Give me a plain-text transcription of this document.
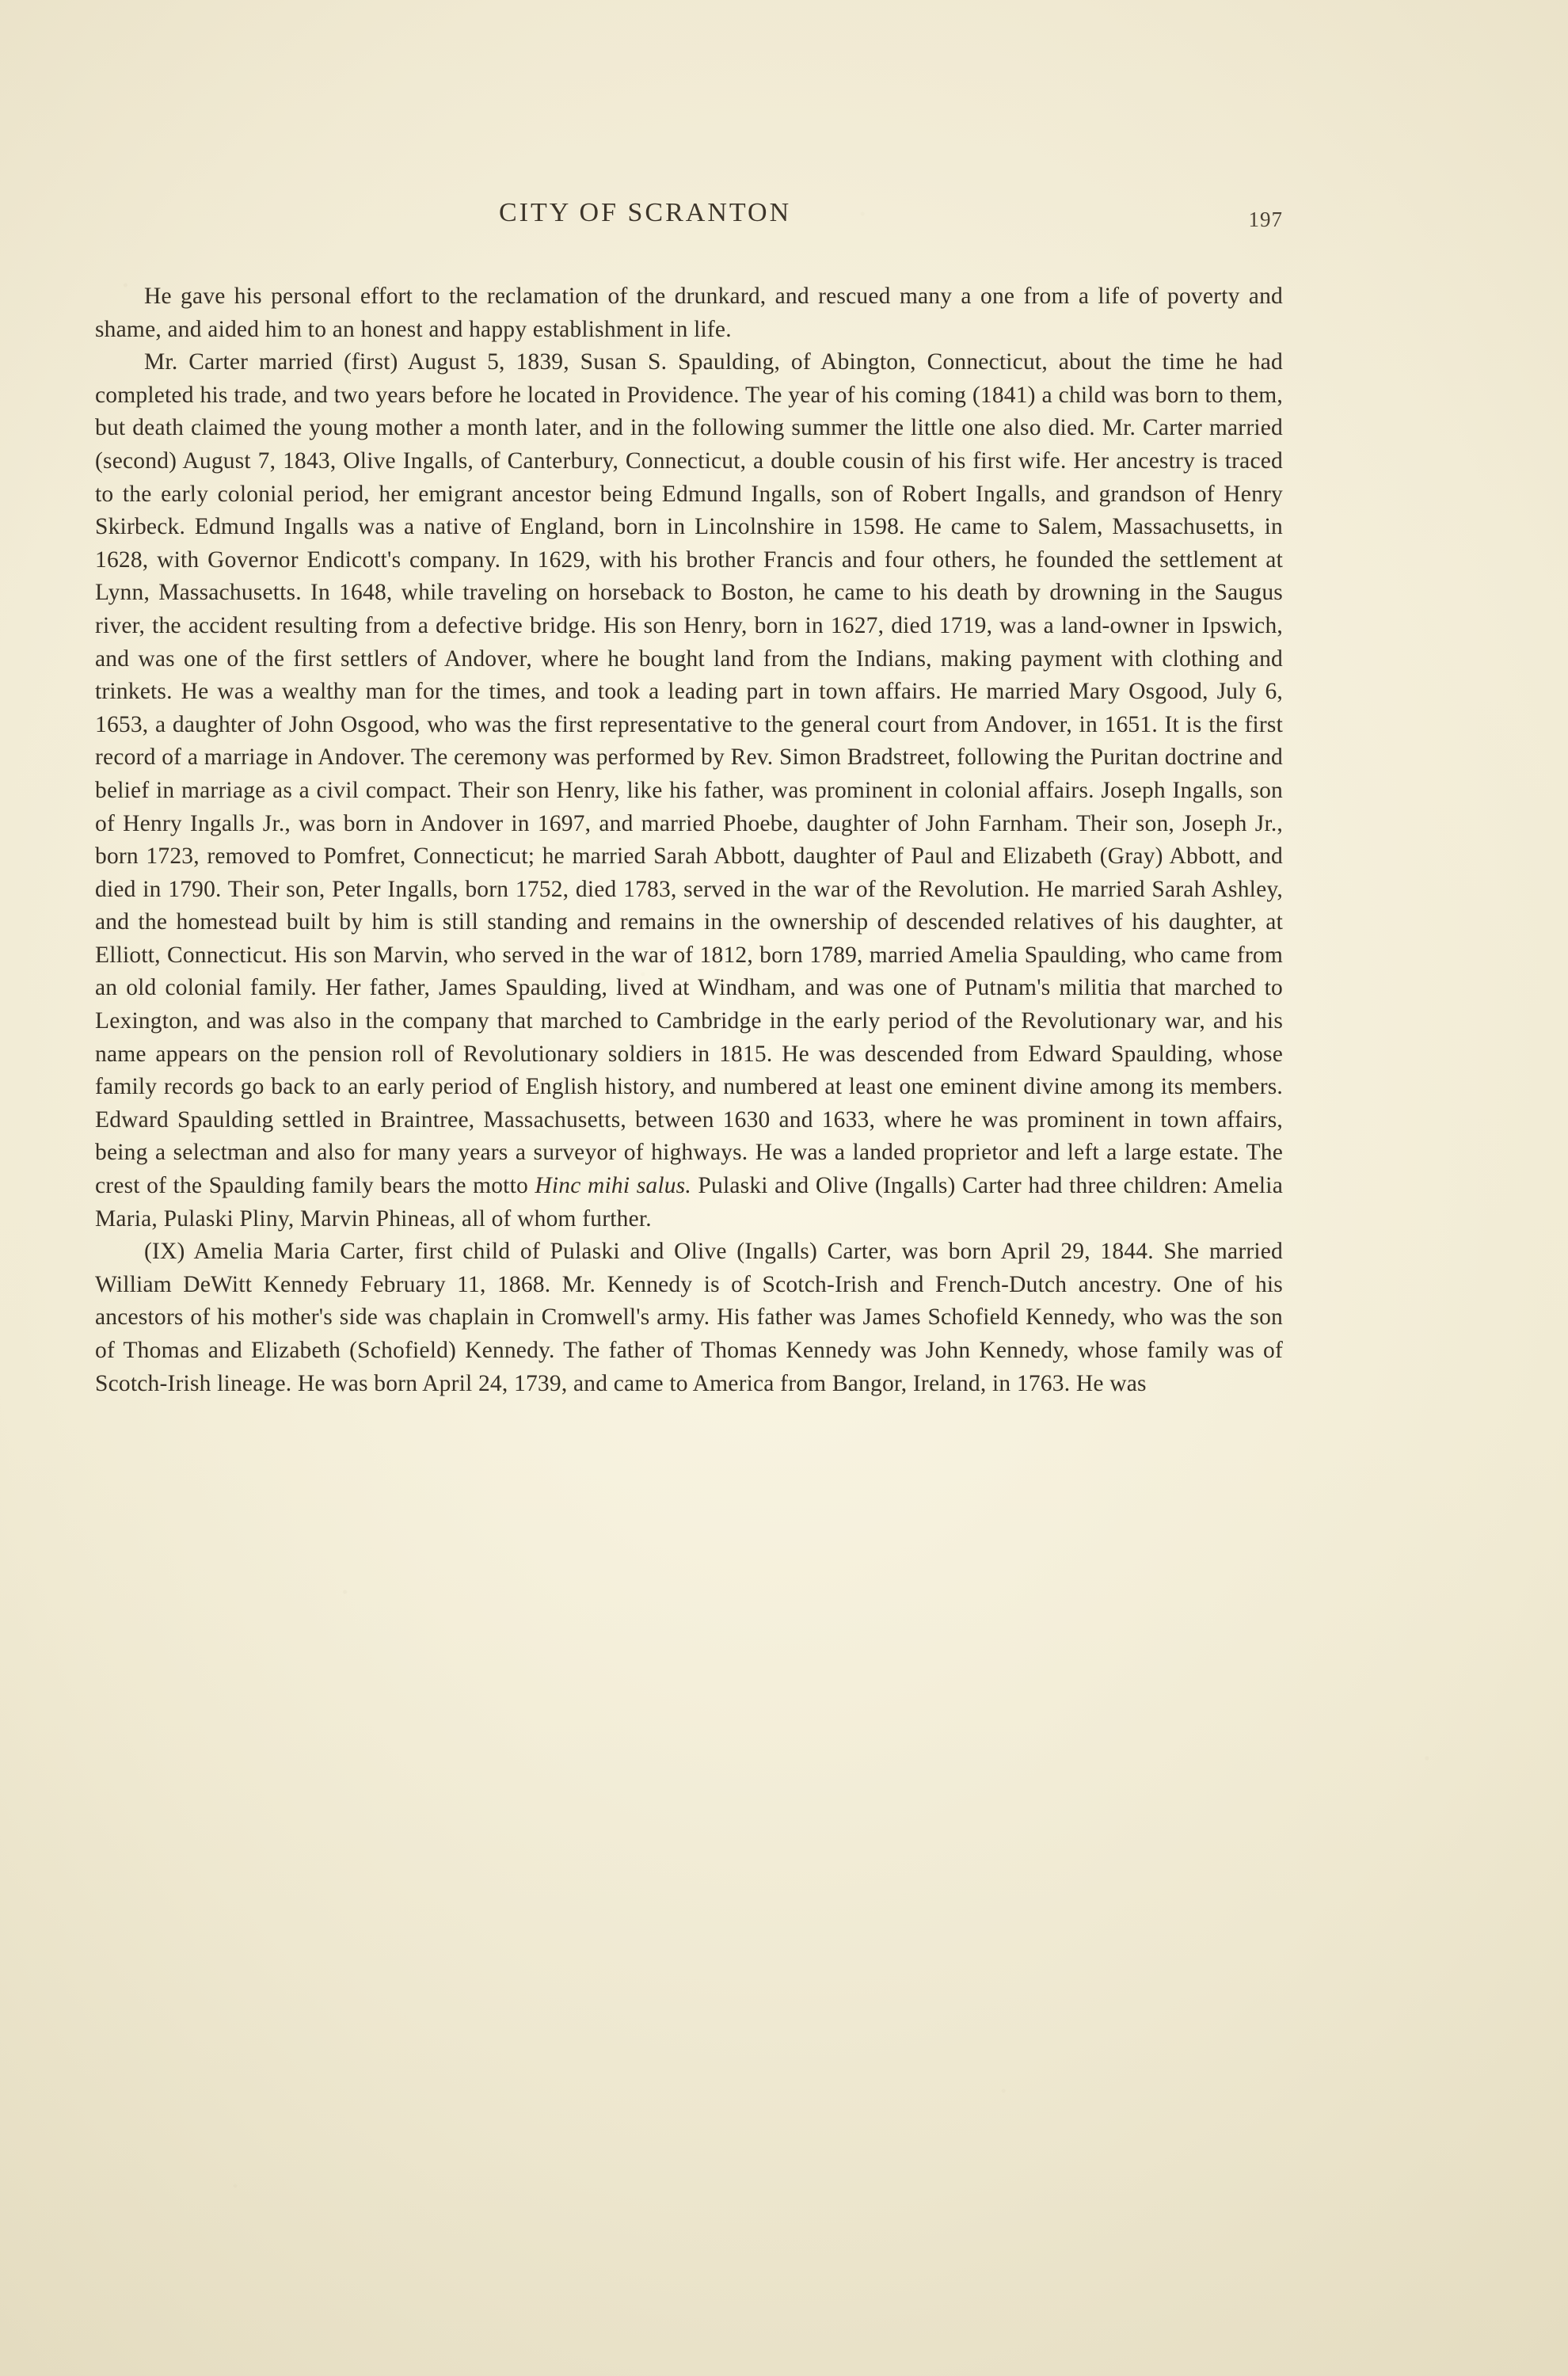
CITY OF SCRANTON	197

He gave his personal effort to the reclamation of the drunkard, and rescued many a one from a life of poverty and shame, and aided him to an honest and happy establishment in life.

Mr. Carter married (first) August 5, 1839, Susan S. Spaulding, of Abington, Connecticut, about the time he had completed his trade, and two years before he located in Providence. The year of his coming (1841) a child was born to them, but death claimed the young mother a month later, and in the following summer the little one also died. Mr. Carter married (second) August 7, 1843, Olive Ingalls, of Canterbury, Connecticut, a double cousin of his first wife. Her ancestry is traced to the early colonial period, her emigrant ancestor being Edmund Ingalls, son of Robert Ingalls, and grandson of Henry Skirbeck. Edmund Ingalls was a native of England, born in Lincolnshire in 1598. He came to Salem, Massachusetts, in 1628, with Governor Endicott's company. In 1629, with his brother Francis and four others, he founded the settlement at Lynn, Massachusetts. In 1648, while traveling on horseback to Boston, he came to his death by drowning in the Saugus river, the accident resulting from a defective bridge. His son Henry, born in 1627, died 1719, was a land-owner in Ipswich, and was one of the first settlers of Andover, where he bought land from the Indians, making payment with clothing and trinkets. He was a wealthy man for the times, and took a leading part in town affairs. He married Mary Osgood, July 6, 1653, a daughter of John Osgood, who was the first representative to the general court from Andover, in 1651. It is the first record of a marriage in Andover. The ceremony was performed by Rev. Simon Bradstreet, following the Puritan doctrine and belief in marriage as a civil compact. Their son Henry, like his father, was prominent in colonial affairs. Joseph Ingalls, son of Henry Ingalls Jr., was born in Andover in 1697, and married Phoebe, daughter of John Farnham. Their son, Joseph Jr., born 1723, removed to Pomfret, Connecticut; he married Sarah Abbott, daughter of Paul and Elizabeth (Gray) Abbott, and died in 1790. Their son, Peter Ingalls, born 1752, died 1783, served in the war of the Revolution. He married Sarah Ashley, and the homestead built by him is still standing and remains in the ownership of descended relatives of his daughter, at Elliott, Connecticut. His son Marvin, who served in the war of 1812, born 1789, married Amelia Spaulding, who came from an old colonial family. Her father, James Spaulding, lived at Windham, and was one of Putnam's militia that marched to Lexington, and was also in the company that marched to Cambridge in the early period of the Revolutionary war, and his name appears on the pension roll of Revolutionary soldiers in 1815. He was descended from Edward Spaulding, whose family records go back to an early period of English history, and numbered at least one eminent divine among its members. Edward Spaulding settled in Braintree, Massachusetts, between 1630 and 1633, where he was prominent in town affairs, being a selectman and also for many years a surveyor of highways. He was a landed proprietor and left a large estate. The crest of the Spaulding family bears the motto Hinc mihi salus. Pulaski and Olive (Ingalls) Carter had three children: Amelia Maria, Pulaski Pliny, Marvin Phineas, all of whom further.

(IX) Amelia Maria Carter, first child of Pulaski and Olive (Ingalls) Carter, was born April 29, 1844. She married William DeWitt Kennedy February 11, 1868. Mr. Kennedy is of Scotch-Irish and French-Dutch ancestry. One of his ancestors of his mother's side was chaplain in Cromwell's army. His father was James Schofield Kennedy, who was the son of Thomas and Elizabeth (Schofield) Kennedy. The father of Thomas Kennedy was John Kennedy, whose family was of Scotch-Irish lineage. He was born April 24, 1739, and came to America from Bangor, Ireland, in 1763. He was
